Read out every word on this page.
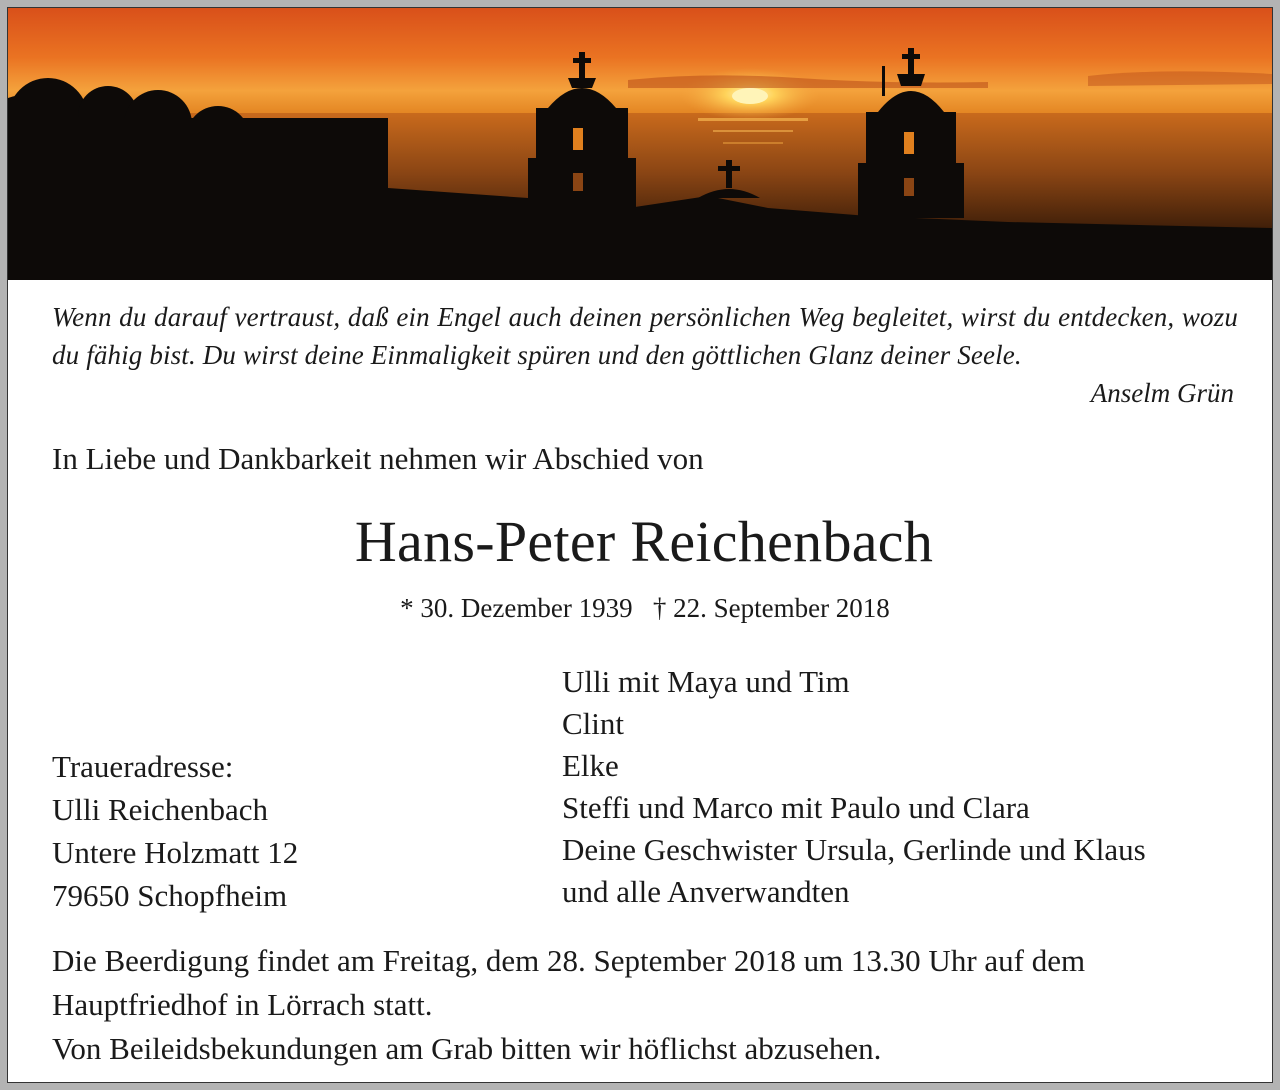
Wenn du darauf vertraust, daß ein Engel auch deinen persönlichen Weg begleitet, wirst du entdecken, wozu du fähig bist. Du wirst deine Einmaligkeit spüren und den göttlichen Glanz deiner Seele.
Anselm Grün
In Liebe und Dankbarkeit nehmen wir Abschied von
Hans-Peter Reichenbach
* 30. Dezember 1939   † 22. September 2018
Traueradresse:
Ulli Reichenbach
Untere Holzmatt 12
79650 Schopfheim
Ulli mit Maya und Tim
Clint
Elke
Steffi und Marco mit Paulo und Clara
Deine Geschwister Ursula, Gerlinde und Klaus
und alle Anverwandten
Die Beerdigung findet am Freitag, dem 28. September 2018 um 13.30 Uhr auf dem
Hauptfriedhof in Lörrach statt.
Von Beileidsbekundungen am Grab bitten wir höflichst abzusehen.
